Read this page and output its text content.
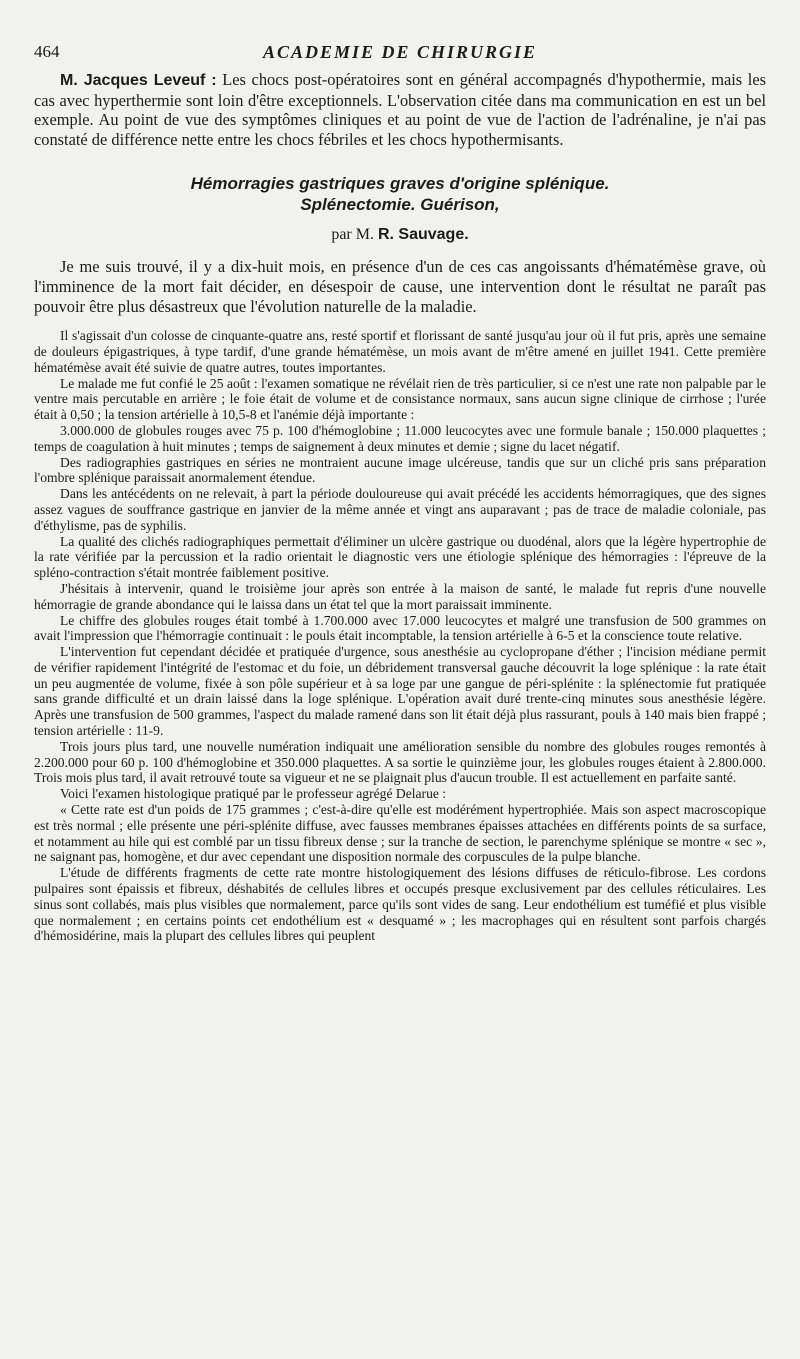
464	ACADEMIE DE CHIRURGIE

M. Jacques Leveuf : Les chocs post-opératoires sont en général accompagnés d'hypothermie, mais les cas avec hyperthermie sont loin d'être exceptionnels. L'observation citée dans ma communication en est un bel exemple. Au point de vue des symptômes cliniques et au point de vue de l'action de l'adrénaline, je n'ai pas constaté de différence nette entre les chocs fébriles et les chocs hypothermisants.

Hémorragies gastriques graves d'origine splénique.
Splénectomie. Guérison,
par M. R. Sauvage.

Je me suis trouvé, il y a dix-huit mois, en présence d'un de ces cas angoissants d'hématémèse grave, où l'imminence de la mort fait décider, en désespoir de cause, une intervention dont le résultat ne paraît pas pouvoir être plus désastreux que l'évolution naturelle de la maladie.

Il s'agissait d'un colosse de cinquante-quatre ans, resté sportif et florissant de santé jusqu'au jour où il fut pris, après une semaine de douleurs épigastriques, à type tardif, d'une grande hématémèse, un mois avant de m'être amené en juillet 1941. Cette première hématémèse avait été suivie de quatre autres, toutes importantes.

Le malade me fut confié le 25 août : l'examen somatique ne révélait rien de très particulier, si ce n'est une rate non palpable par le ventre mais percutable en arrière ; le foie était de volume et de consistance normaux, sans aucun signe clinique de cirrhose ; l'urée était à 0,50 ; la tension artérielle à 10,5-8 et l'anémie déjà importante :

3.000.000 de globules rouges avec 75 p. 100 d'hémoglobine ; 11.000 leucocytes avec une formule banale ; 150.000 plaquettes ; temps de coagulation à huit minutes ; temps de saignement à deux minutes et demie ; signe du lacet négatif.

Des radiographies gastriques en séries ne montraient aucune image ulcéreuse, tandis que sur un cliché pris sans préparation l'ombre splénique paraissait anormalement étendue.

Dans les antécédents on ne relevait, à part la période douloureuse qui avait précédé les accidents hémorragiques, que des signes assez vagues de souffrance gastrique en janvier de la même année et vingt ans auparavant ; pas de trace de maladie coloniale, pas d'éthylisme, pas de syphilis.

La qualité des clichés radiographiques permettait d'éliminer un ulcère gastrique ou duodénal, alors que la légère hypertrophie de la rate vérifiée par la percussion et la radio orientait le diagnostic vers une étiologie splénique des hémorragies : l'épreuve de la spléno-contraction s'était montrée faiblement positive.

J'hésitais à intervenir, quand le troisième jour après son entrée à la maison de santé, le malade fut repris d'une nouvelle hémorragie de grande abondance qui le laissa dans un état tel que la mort paraissait imminente.

Le chiffre des globules rouges était tombé à 1.700.000 avec 17.000 leucocytes et malgré une transfusion de 500 grammes on avait l'impression que l'hémorragie continuait : le pouls était incomptable, la tension artérielle à 6-5 et la conscience toute relative.

L'intervention fut cependant décidée et pratiquée d'urgence, sous anesthésie au cyclopropane d'éther ; l'incision médiane permit de vérifier rapidement l'intégrité de l'estomac et du foie, un débridement transversal gauche découvrit la loge splénique : la rate était un peu augmentée de volume, fixée à son pôle supérieur et à sa loge par une gangue de péri-splénite : la splénectomie fut pratiquée sans grande difficulté et un drain laissé dans la loge splénique. L'opération avait duré trente-cinq minutes sous anesthésie légère. Après une transfusion de 500 grammes, l'aspect du malade ramené dans son lit était déjà plus rassurant, pouls à 140 mais bien frappé ; tension artérielle : 11-9.

Trois jours plus tard, une nouvelle numération indiquait une amélioration sensible du nombre des globules rouges remontés à 2.200.000 pour 60 p. 100 d'hémoglobine et 350.000 plaquettes. A sa sortie le quinzième jour, les globules rouges étaient à 2.800.000. Trois mois plus tard, il avait retrouvé toute sa vigueur et ne se plaignait plus d'aucun trouble. Il est actuellement en parfaite santé.

Voici l'examen histologique pratiqué par le professeur agrégé Delarue :

« Cette rate est d'un poids de 175 grammes ; c'est-à-dire qu'elle est modérément hypertrophiée. Mais son aspect macroscopique est très normal ; elle présente une péri-splénite diffuse, avec fausses membranes épaisses attachées en différents points de sa surface, et notamment au hile qui est comblé par un tissu fibreux dense ; sur la tranche de section, le parenchyme splénique se montre « sec », ne saignant pas, homogène, et dur avec cependant une disposition normale des corpuscules de la pulpe blanche.

L'étude de différents fragments de cette rate montre histologiquement des lésions diffuses de réticulo-fibrose. Les cordons pulpaires sont épaissis et fibreux, déshabités de cellules libres et occupés presque exclusivement par des cellules réticulaires. Les sinus sont collabés, mais plus visibles que normalement, parce qu'ils sont vides de sang. Leur endothélium est tuméfié et plus visible que normalement ; en certains points cet endothélium est « desquamé » ; les macrophages qui en résultent sont parfois chargés d'hémosidérine, mais la plupart des cellules libres qui peuplent
